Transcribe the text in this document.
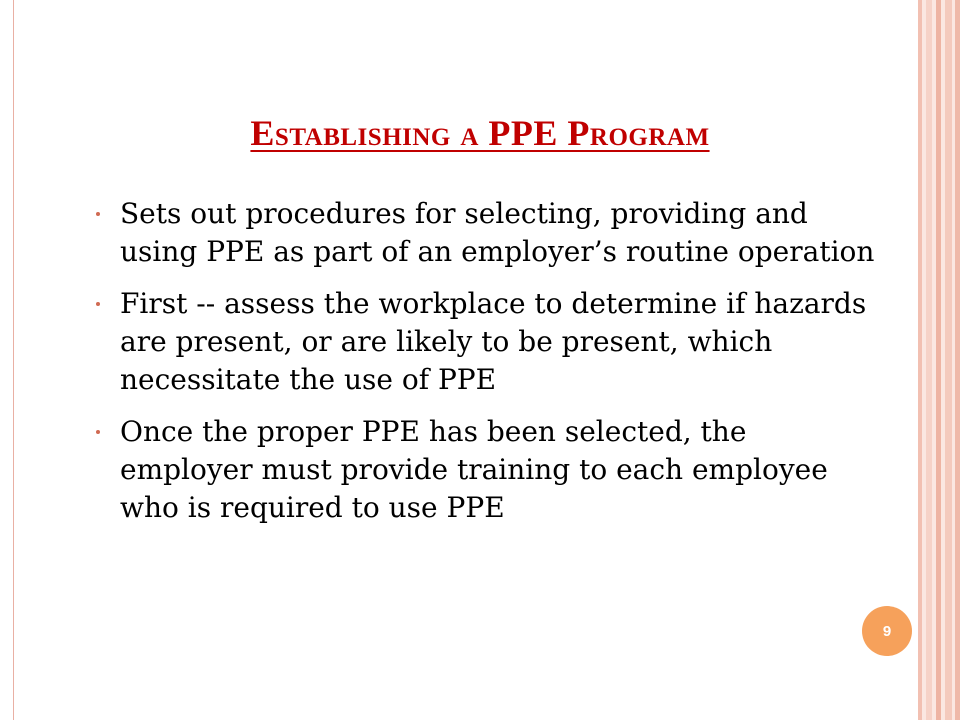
Establishing a PPE Program
Sets out procedures for selecting, providing and using PPE as part of an employer’s routine operation
First -- assess the workplace to determine if hazards are present, or are likely to be present, which necessitate the use of PPE
Once the proper PPE has been selected, the employer must provide training to each employee who is required to use PPE
9
